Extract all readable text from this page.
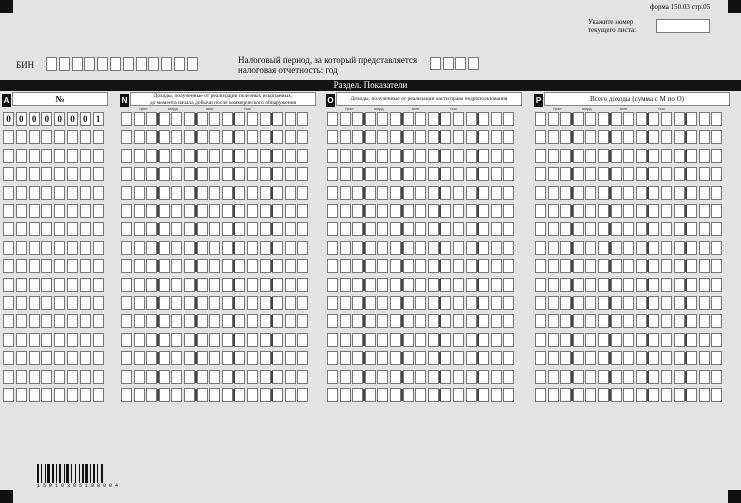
форма 150.03 стр.05
Укажите номер
текущего листа:
БИН	Налоговый период, за который представляется
налоговая отчетность: год
Раздел. Показатели
A	№	N	Доходы, полученные от реализации полезных ископаемых,
до момента начала добычи после коммерческого обнаружения	O	Доходы, полученные от реализации части права недропользования	P	Всего доходы (сумма с М по О)
трлн	млрд	млн	тыс	трлн	млрд	млн	тыс	трлн	млрд	млн	тыс
0 0 0 0 0 0 0 1
1 5 0 1 0 3 0 5 1 0 0 0 0 4
